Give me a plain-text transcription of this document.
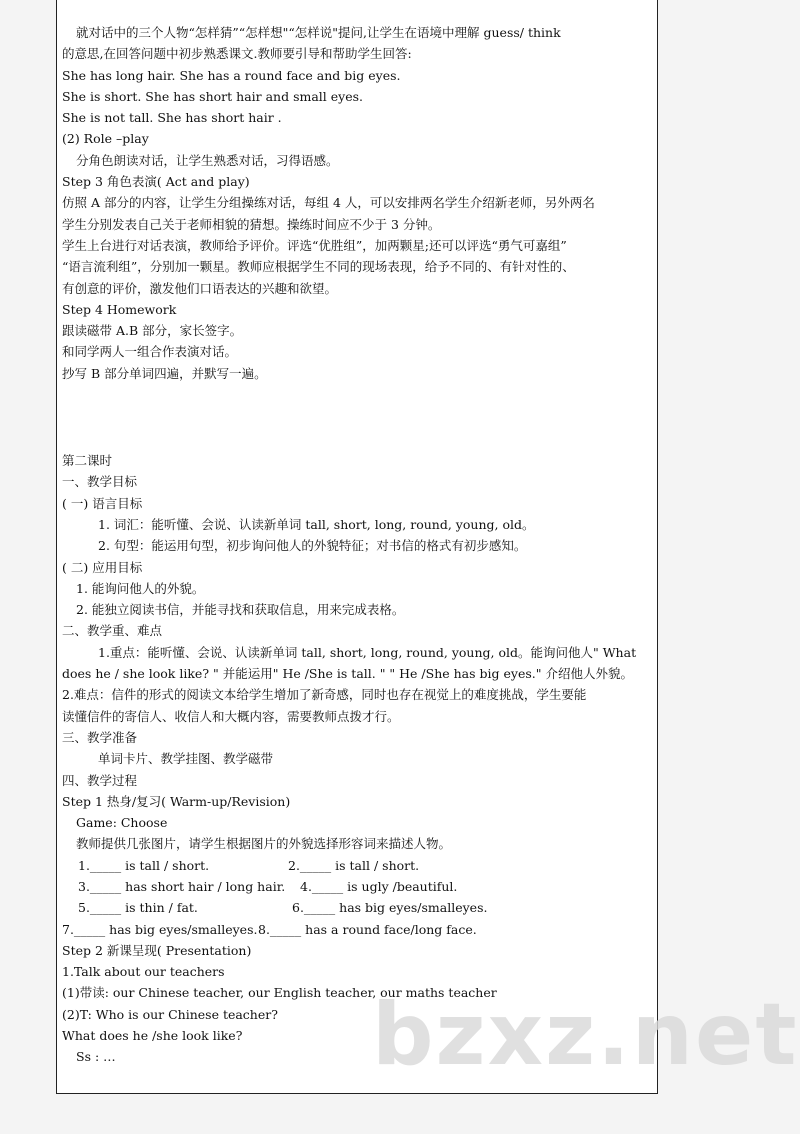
就对话中的三个人物“怎样猜”“怎样想"“怎样说"提问,让学生在语境中理解 guess/ think
的意思,在回答问题中初步熟悉课文.教师要引导和帮助学生回答:
She has long hair. She has a round face and big eyes.
She is short. She has short hair and small eyes.
She is not tall. She has short hair .
(2) Role –play
分角色朗读对话，让学生熟悉对话，习得语感。
Step 3 角色表演( Act and play)
仿照 A 部分的内容，让学生分组操练对话，每组 4 人，可以安排两名学生介绍新老师，另外两名
学生分别发表自己关于老师相貌的猜想。操练时间应不少于 3 分钟。
学生上台进行对话表演，教师给予评价。评选“优胜组”，加两颗星;还可以评选“勇气可嘉组”
“语言流利组”，分别加一颗星。教师应根据学生不同的现场表现，给予不同的、有针对性的、
有创意的评价，激发他们口语表达的兴趣和欲望。
Step 4 Homework
跟读磁带 A.B 部分，家长签字。
和同学两人一组合作表演对话。
抄写 B 部分单词四遍，并默写一遍。
第二课时
一、教学目标
( 一) 语言目标
1. 词汇：能听懂、会说、认读新单词 tall, short, long, round, young, old。
2. 句型：能运用句型，初步询问他人的外貌特征；对书信的格式有初步感知。
( 二) 应用目标
1. 能询问他人的外貌。
2. 能独立阅读书信，并能寻找和获取信息，用来完成表格。
二、教学重、难点
1.重点：能听懂、会说、认读新单词 tall, short, long, round, young, old。能询问他人" What
does he / she look like? " 并能运用" He /She is tall. " " He /She has big eyes." 介绍他人外貌。
2.难点：信件的形式的阅读文本给学生增加了新奇感，同时也存在视觉上的难度挑战，学生要能
读懂信件的寄信人、收信人和大概内容，需要教师点拨才行。
三、教学准备
单词卡片、教学挂图、教学磁带
四、教学过程
Step 1 热身/复习( Warm-up/Revision)
Game: Choose
教师提供几张图片，请学生根据图片的外貌选择形容词来描述人物。
1._____ is tall / short.	2._____ is tall / short.
3._____ has short hair / long hair. 4._____ is ugly /beautiful.
5._____ is thin / fat.	6._____ has big eyes/smalleyes.
7._____ has big eyes/smalleyes.8._____ has a round face/long face.
Step 2 新课呈现( Presentation)
1.Talk about our teachers
(1)带读: our Chinese teacher, our English teacher, our maths teacher
(2)T: Who is our Chinese teacher?
What does he /she look like?
Ss : …	bzxz.net
